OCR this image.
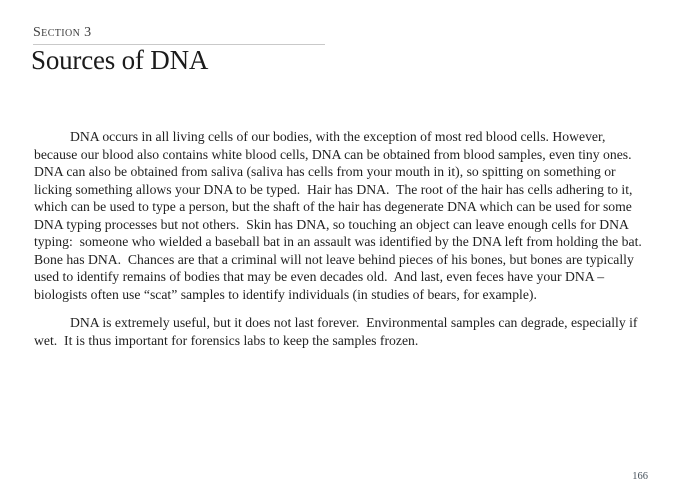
Section 3
Sources of DNA

DNA occurs in all living cells of our bodies, with the exception of most red blood cells. However, because our blood also contains white blood cells, DNA can be obtained from blood samples, even tiny ones.  DNA can also be obtained from saliva (saliva has cells from your mouth in it), so spitting on something or licking something allows your DNA to be typed.  Hair has DNA.  The root of the hair has cells adhering to it, which can be used to type a person, but the shaft of the hair has degenerate DNA which can be used for some DNA typing processes but not others.  Skin has DNA, so touching an object can leave enough cells for DNA typing:  someone who wielded a baseball bat in an assault was identified by the DNA left from holding the bat.  Bone has DNA.  Chances are that a criminal will not leave behind pieces of his bones, but bones are typically used to identify remains of bodies that may be even decades old.  And last, even feces have your DNA – biologists often use “scat” samples to identify individuals (in studies of bears, for example).

DNA is extremely useful, but it does not last forever.  Environmental samples can degrade, especially if wet.  It is thus important for forensics labs to keep the samples frozen.

166
